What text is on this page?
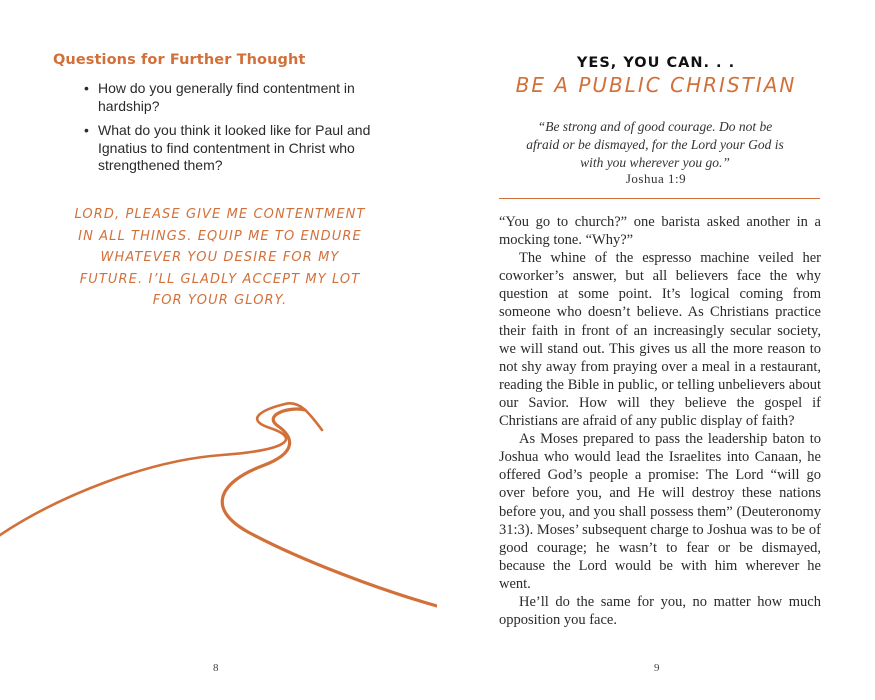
Questions for Further Thought
• How do you generally find contentment in hardship?
• What do you think it looked like for Paul and Ignatius to find contentment in Christ who strengthened them?
LORD, PLEASE GIVE ME CONTENTMENT IN ALL THINGS. EQUIP ME TO ENDURE WHATEVER YOU DESIRE FOR MY FUTURE. I’LL GLADLY ACCEPT MY LOT FOR YOUR GLORY.
8
YES, YOU CAN. . .
BE A PUBLIC CHRISTIAN
“Be strong and of good courage. Do not be afraid or be dismayed, for the Lord your God is with you wherever you go.”
Joshua 1:9

“You go to church?” one barista asked another in a mocking tone. “Why?”

The whine of the espresso machine veiled her coworker’s answer, but all believers face the why question at some point. It’s logical coming from someone who doesn’t believe. As Christians practice their faith in front of an increasingly secular society, we will stand out. This gives us all the more reason to not shy away from praying over a meal in a restaurant, reading the Bible in public, or telling unbelievers about our Savior. How will they believe the gospel if Christians are afraid of any public display of faith?

As Moses prepared to pass the leadership baton to Joshua who would lead the Israelites into Canaan, he offered God’s people a promise: The Lord “will go over before you, and He will destroy these nations before you, and you shall possess them” (Deuteronomy 31:3). Moses’ subsequent charge to Joshua was to be of good courage; he wasn’t to fear or be dismayed, because the Lord would be with him wherever he went.

He’ll do the same for you, no matter how much opposition you face.

9
